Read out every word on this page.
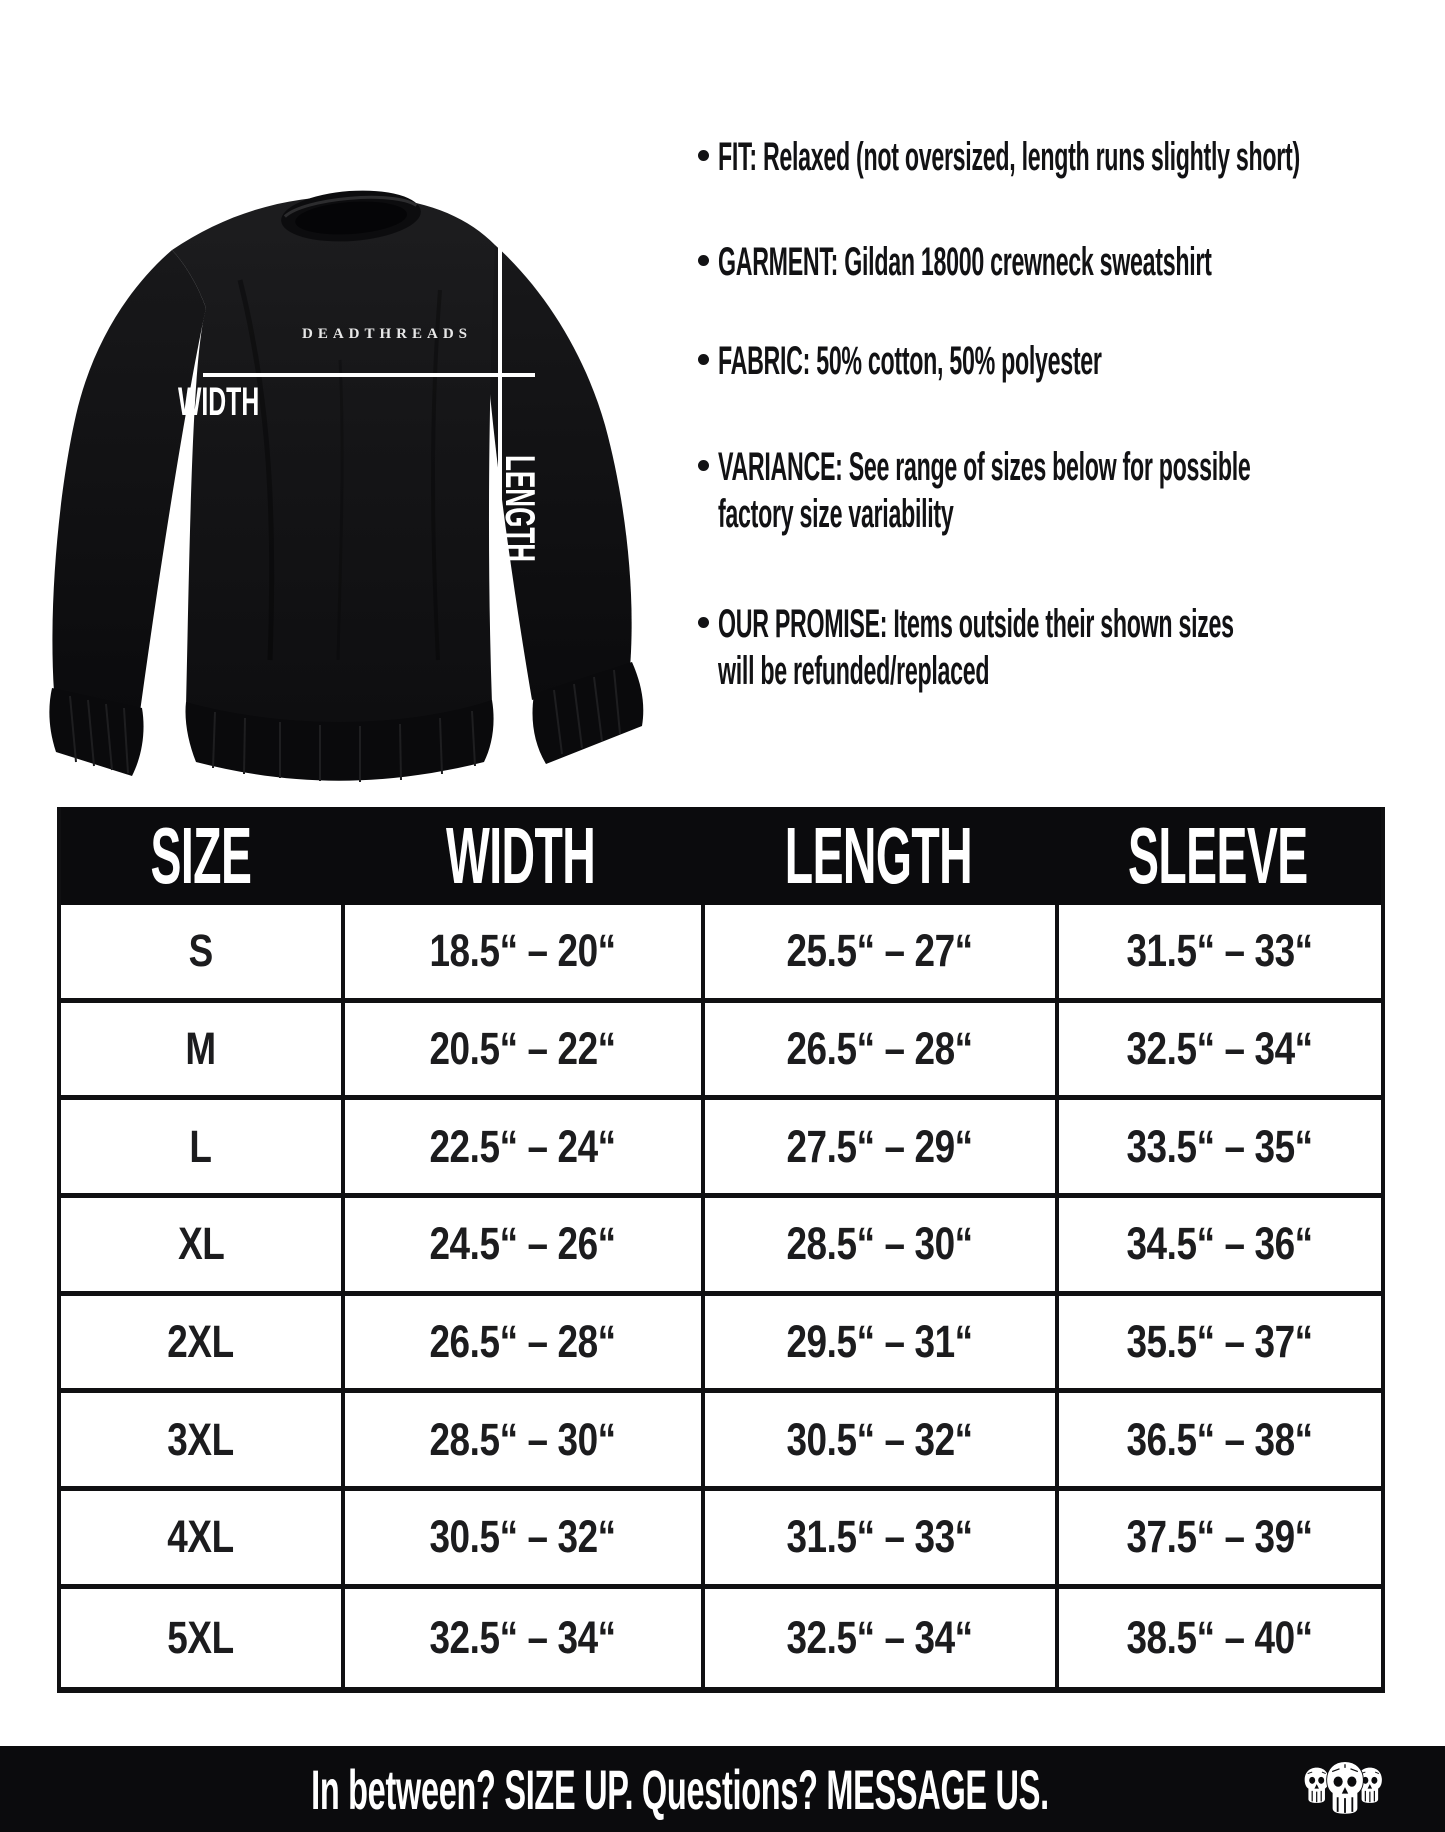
DEADTHREADS
WIDTH
LENGTH
FIT: Relaxed (not oversized, length runs slightly short)
GARMENT: Gildan 18000 crewneck sweatshirt
FABRIC: 50% cotton, 50% polyester
VARIANCE: See range of sizes below for possible
factory size variability
OUR PROMISE: Items outside their shown sizes
will be refunded/replaced
SIZE WIDTH LENGTH SLEEVE
S	18.5“ – 20“	25.5“ – 27“	31.5“ – 33“
M	20.5“ – 22“	26.5“ – 28“	32.5“ – 34“
L	22.5“ – 24“	27.5“ – 29“	33.5“ – 35“
XL	24.5“ – 26“	28.5“ – 30“	34.5“ – 36“
2XL	26.5“ – 28“	29.5“ – 31“	35.5“ – 37“
3XL	28.5“ – 30“	30.5“ – 32“	36.5“ – 38“
4XL	30.5“ – 32“	31.5“ – 33“	37.5“ – 39“
5XL	32.5“ – 34“	32.5“ – 34“	38.5“ – 40“
In between? SIZE UP. Questions? MESSAGE US.
